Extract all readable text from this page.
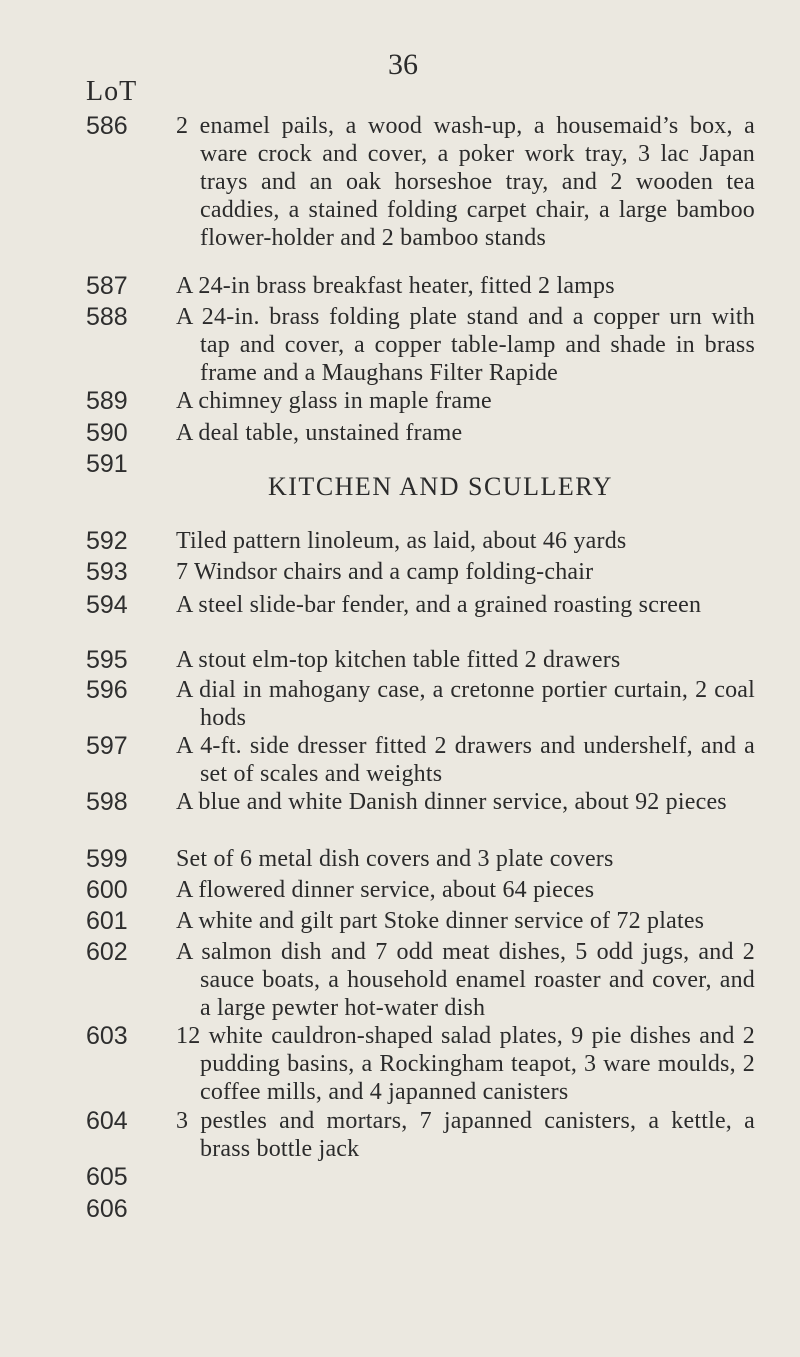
LoT
36
586
587
588
589
590
591
592
593
594
595
596
597
598
599
600
601
602
603
604
605
606
2 enamel pails, a wood wash-up, a housemaid’s box, a ware crock and cover, a poker work tray, 3 lac Japan trays and an oak horseshoe tray, and 2 wooden tea caddies, a stained folding carpet chair, a large bamboo flower-holder and 2 bamboo stands
A 24-in brass breakfast heater, fitted 2 lamps
A 24-in. brass folding plate stand and a copper urn with tap and cover, a copper table-lamp and shade in brass frame and a Maughans Filter Rapide
A chimney glass in maple frame
A deal table, unstained frame
KITCHEN AND SCULLERY
Tiled pattern linoleum, as laid, about 46 yards
7 Windsor chairs and a camp folding-chair
A steel slide-bar fender, and a grained roasting screen
A stout elm-top kitchen table fitted 2 drawers
A dial in mahogany case, a cretonne portier curtain, 2 coal hods
A 4-ft. side dresser fitted 2 drawers and undershelf, and a set of scales and weights
A blue and white Danish dinner service, about 92 pieces
Set of 6 metal dish covers and 3 plate covers
A flowered dinner service, about 64 pieces
A white and gilt part Stoke dinner service of 72 plates
A salmon dish and 7 odd meat dishes, 5 odd jugs, and 2 sauce boats, a household enamel roaster and cover, and a large pewter hot-water dish
12 white cauldron-shaped salad plates, 9 pie dishes and 2 pudding basins, a Rockingham teapot, 3 ware moulds, 2 coffee mills, and 4 japanned canisters
3 pestles and mortars, 7 japanned canisters, a kettle, a brass bottle jack
